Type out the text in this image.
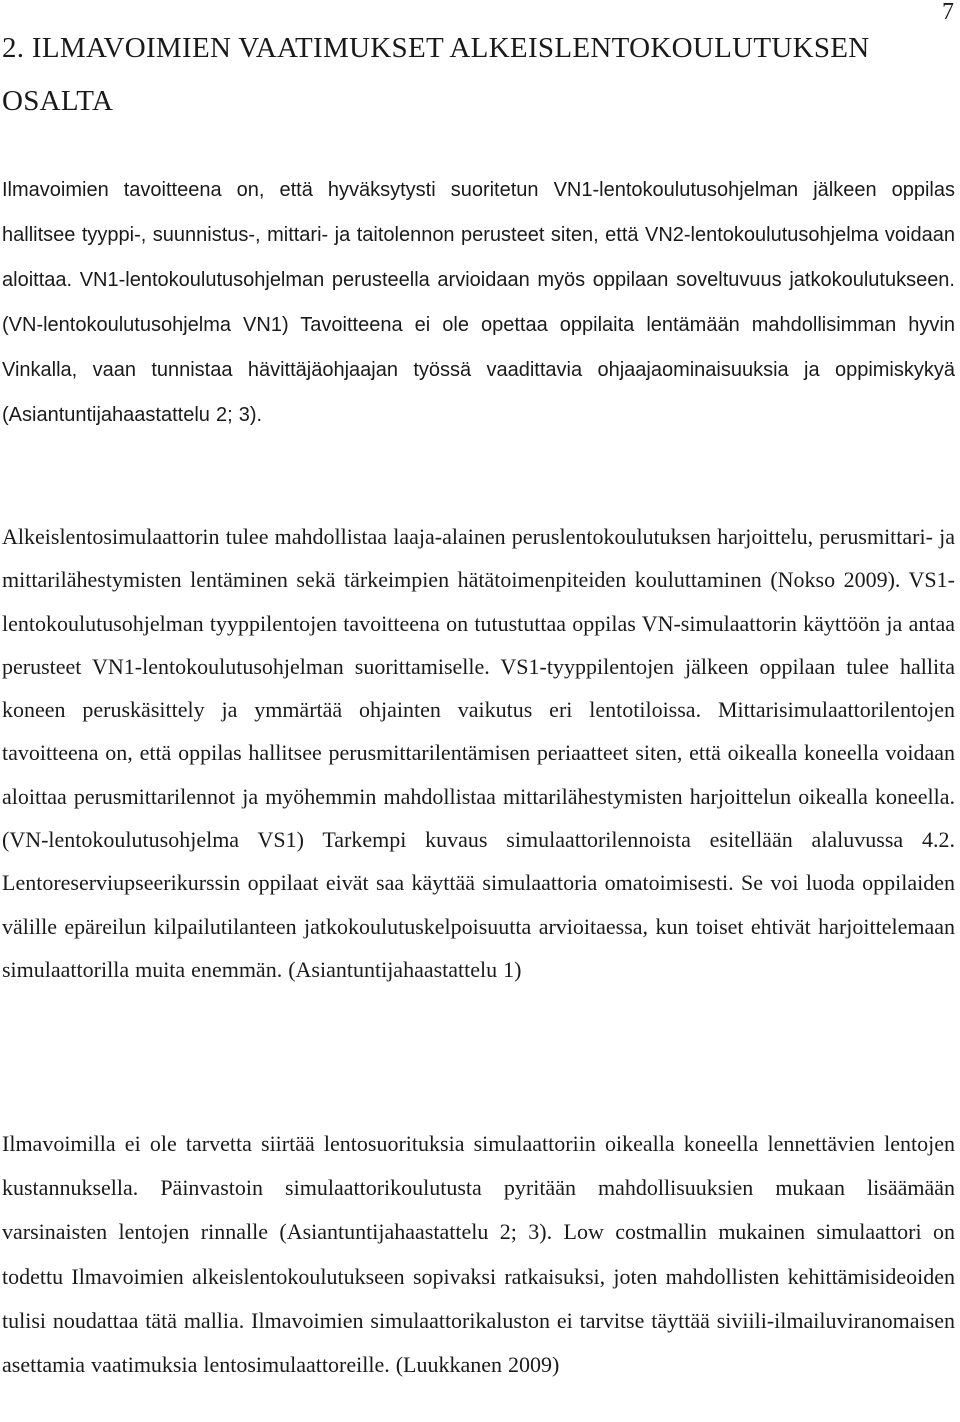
7
2. ILMAVOIMIEN VAATIMUKSET ALKEISLENTOKOULUTUKSEN OSALTA

Ilmavoimien tavoitteena on, että hyväksytysti suoritetun VN1-lentokoulutusohjelman jälkeen oppilas hallitsee tyyppi-, suunnistus-, mittari- ja taitolennon perusteet siten, että VN2-lentokoulutusohjelma voidaan aloittaa. VN1-lentokoulutusohjelman perusteella arvioidaan myös oppilaan soveltuvuus jatkokoulutukseen. (VN-lentokoulutusohjelma VN1) Tavoitteena ei ole opettaa oppilaita lentämään mahdollisimman hyvin Vinkalla, vaan tunnistaa hävittäjäohjaajan työssä vaadittavia ohjaajaominaisuuksia ja oppimiskykyä (Asiantuntijahaastattelu 2; 3).

Alkeislentosimulaattorin tulee mahdollistaa laaja-alainen peruslentokoulutuksen harjoittelu, perusmittari- ja mittarilähestymisten lentäminen sekä tärkeimpien hätätoimenpiteiden kouluttaminen (Nokso 2009). VS1-lentokoulutusohjelman tyyppilentojen tavoitteena on tutustuttaa oppilas VN-simulaattorin käyttöön ja antaa perusteet VN1-lentokoulutusohjelman suorittamiselle. VS1-tyyppilentojen jälkeen oppilaan tulee hallita koneen peruskäsittely ja ymmärtää ohjainten vaikutus eri lentotiloissa. Mittarisimulaattorilentojen tavoitteena on, että oppilas hallitsee perusmittarilentämisen periaatteet siten, että oikealla koneella voidaan aloittaa perusmittarilennot ja myöhemmin mahdollistaa mittarilähestymisten harjoittelun oikealla koneella. (VN-lentokoulutusohjelma VS1) Tarkempi kuvaus simulaattorilennoista esitellään alaluvussa 4.2. Lentoreserviupseerikurssin oppilaat eivät saa käyttää simulaattoria omatoimisesti. Se voi luoda oppilaiden välille epäreilun kilpailutilanteen jatkokoulutuskelpoisuutta arvioitaessa, kun toiset ehtivät harjoittelemaan simulaattorilla muita enemmän. (Asiantuntijahaastattelu 1)

Ilmavoimilla ei ole tarvetta siirtää lentosuorituksia simulaattoriin oikealla koneella lennettävien lentojen kustannuksella. Päinvastoin simulaattorikoulutusta pyritään mahdollisuuksien mukaan lisäämään varsinaisten lentojen rinnalle (Asiantuntijahaastattelu 2; 3). Low costmallin mukainen simulaattori on todettu Ilmavoimien alkeislentokoulutukseen sopivaksi ratkaisuksi, joten mahdollisten kehittämisideoiden tulisi noudattaa tätä mallia. Ilmavoimien simulaattorikaluston ei tarvitse täyttää siviili-ilmailuviranomaisen asettamia vaatimuksia lentosimulaattoreille. (Luukkanen 2009)
